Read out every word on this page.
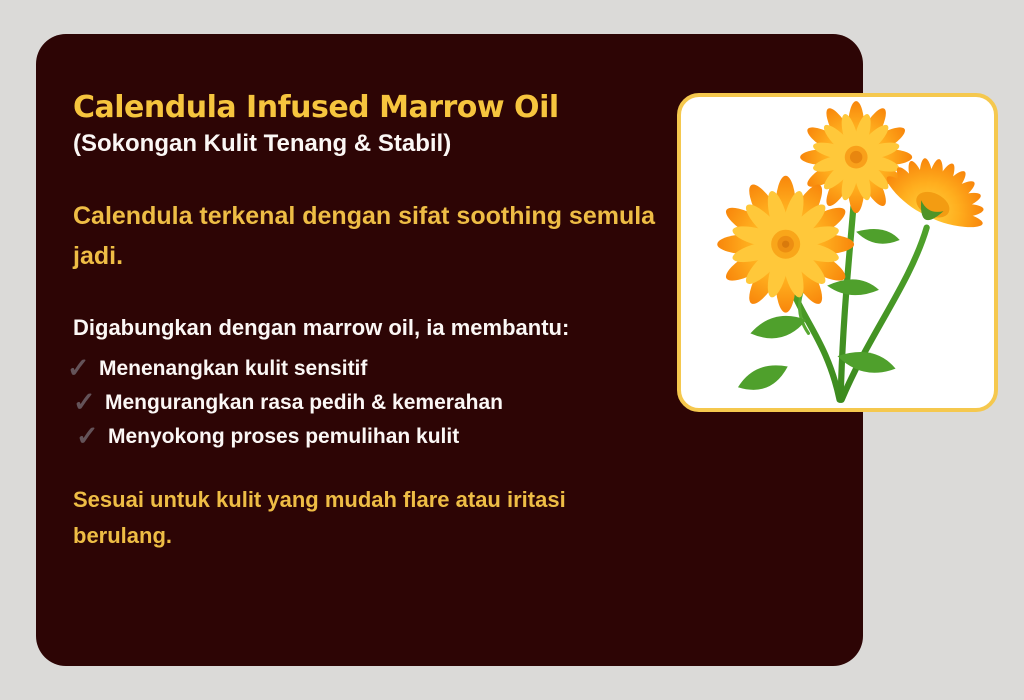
Calendula Infused Marrow Oil
(Sokongan Kulit Tenang & Stabil)

Calendula terkenal dengan sifat soothing semula jadi.

Digabungkan dengan marrow oil, ia membantu:

✓ Menenangkan kulit sensitif
✓ Mengurangkan rasa pedih & kemerahan
✓ Menyokong proses pemulihan kulit

Sesuai untuk kulit yang mudah flare atau iritasi berulang.
